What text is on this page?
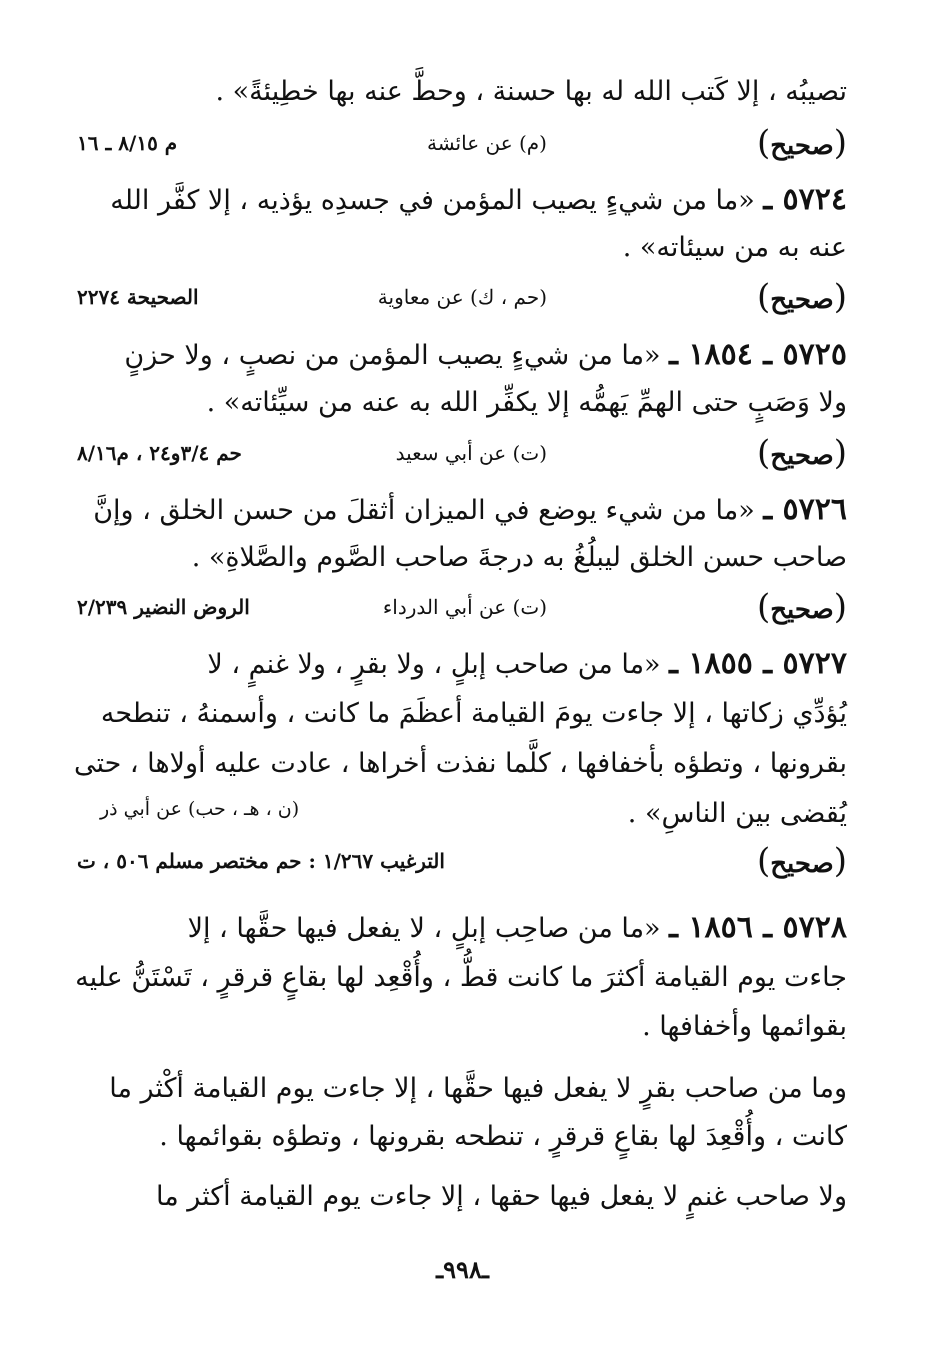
تصيبُه ، إلا كَتب الله له بها حسنة ، وحطَّ عنه بها خطِيئةً» .
(صحيح)
(م) عن عائشة
م ٨/١٥ ـ ١٦
٥٧٢٤ ـ «ما من شيءٍ يصيب المؤمن في جسدِه يؤذيه ، إلا كفَّر الله
عنه به من سيئاته» .
(صحيح)
(حم ، ك) عن معاوية
الصحيحة ٢٢٧٤
٥٧٢٥ ـ ١٨٥٤ ـ «ما من شيءٍ يصيب المؤمن من نصبٍ ، ولا حزنٍ
ولا وَصَبٍ حتى الهمِّ يَهمُّه إلا يكفِّر الله به عنه من سيِّئاته» .
(صحيح)
(ت) عن أبي سعيد
حم ٣/٤و٢٤ ، م٨/١٦
٥٧٢٦ ـ «ما من شيء يوضع في الميزان أثقلَ من حسن الخلق ، وإنَّ
صاحب حسن الخلق ليبلُغُ به درجةَ صاحب الصَّوم والصَّلاةِ» .
(صحيح)
(ت) عن أبي الدرداء
الروض النضير ٢/٢٣٩
٥٧٢٧ ـ ١٨٥٥ ـ «ما من صاحب إبلٍ ، ولا بقرٍ ، ولا غنمٍ ، لا
يُؤدِّي زكاتها ، إلا جاءت يومَ القيامة أعظَمَ ما كانت ، وأسمنهُ ، تنطحه
بقرونها ، وتطؤه بأخفافها ، كلَّما نفذت أخراها ، عادت عليه أولاها ، حتى
يُقضى بين الناسِ» .
(ن ، هـ ، حب) عن أبي ذر
(صحيح)
الترغيب ١/٢٦٧ : حم مختصر مسلم ٥٠٦ ، ت
٥٧٢٨ ـ ١٨٥٦ ـ «ما من صاحِب إبلٍ ، لا يفعل فيها حقَّها ، إلا
جاءت يوم القيامة أكثرَ ما كانت قطُّ ، وأُقْعِد لها بقاعٍ قرقرٍ ، تَسْتَنُّ عليه
بقوائمها وأخفافها .
وما من صاحب بقرٍ لا يفعل فيها حقَّها ، إلا جاءت يوم القيامة أكْثر ما
كانت ، وأُقْعِدَ لها بقاعٍ قرقرٍ ، تنطحه بقرونها ، وتطؤه بقوائمها .
ولا صاحب غنمٍ لا يفعل فيها حقها ، إلا جاءت يوم القيامة أكثر ما
ـ٩٩٨ـ
